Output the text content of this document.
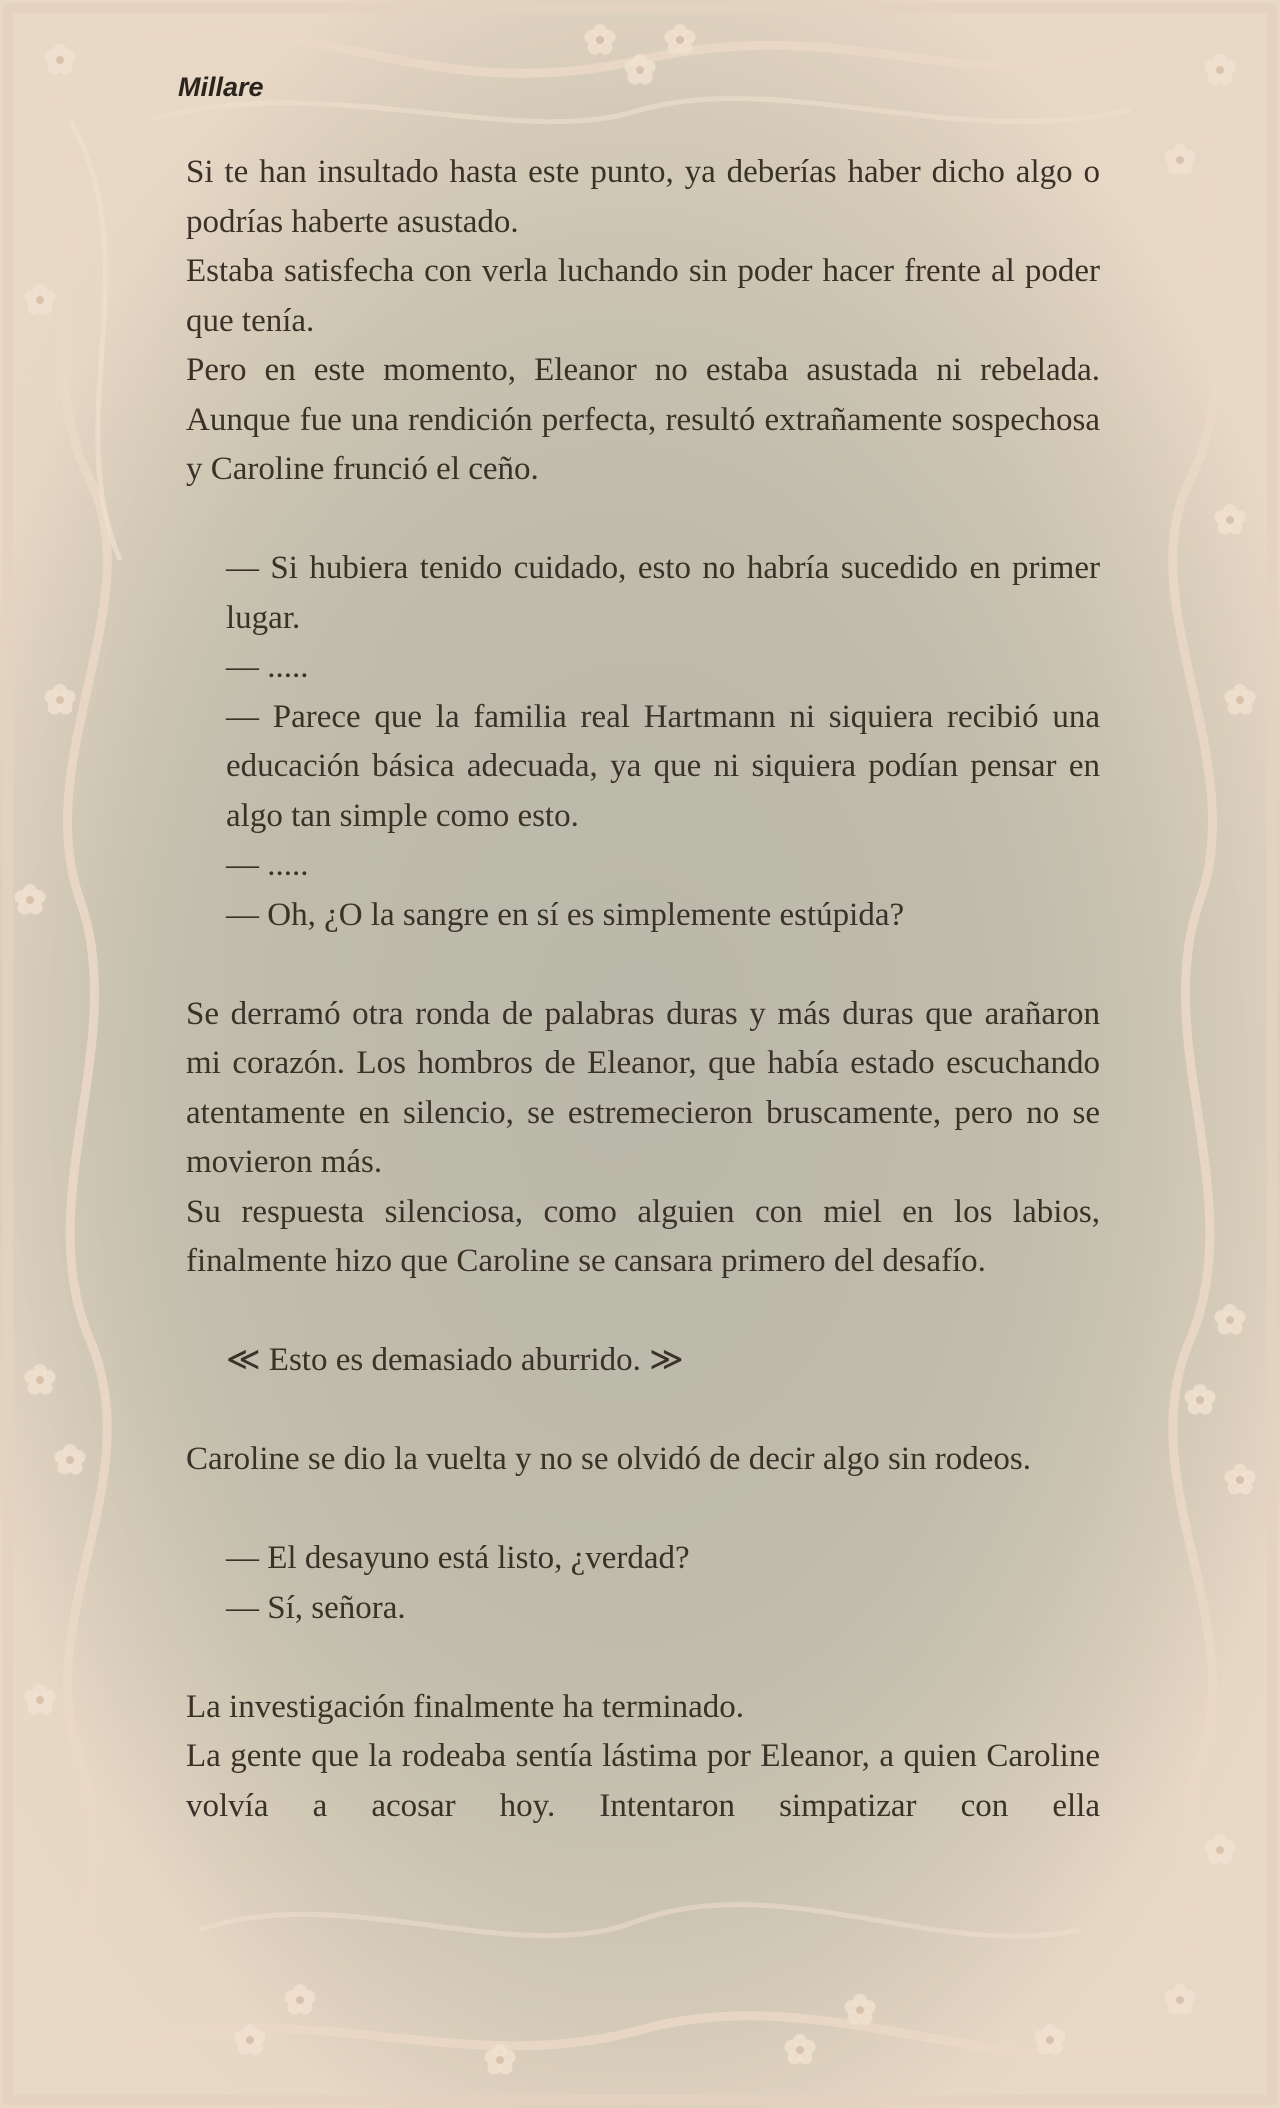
Millare

Si te han insultado hasta este punto, ya deberías haber dicho algo o podrías haberte asustado.

Estaba satisfecha con verla luchando sin poder hacer frente al poder que tenía.

Pero en este momento, Eleanor no estaba asustada ni rebelada. Aunque fue una rendición perfecta, resultó extrañamente sospechosa y Caroline frunció el ceño.

— Si hubiera tenido cuidado, esto no habría sucedido en primer lugar.

— .....

— Parece que la familia real Hartmann ni siquiera recibió una educación básica adecuada, ya que ni siquiera podían pensar en algo tan simple como esto.

— .....

— Oh, ¿O la sangre en sí es simplemente estúpida?

Se derramó otra ronda de palabras duras y más duras que arañaron mi corazón. Los hombros de Eleanor, que había estado escuchando atentamente en silencio, se estremecieron bruscamente, pero no se movieron más.

Su respuesta silenciosa, como alguien con miel en los labios, finalmente hizo que Caroline se cansara primero del desafío.

≪ Esto es demasiado aburrido. ≫

Caroline se dio la vuelta y no se olvidó de decir algo sin rodeos.

— El desayuno está listo, ¿verdad?

— Sí, señora.

La investigación finalmente ha terminado.

La gente que la rodeaba sentía lástima por Eleanor, a quien Caroline volvía a acosar hoy. Intentaron simpatizar con ella
